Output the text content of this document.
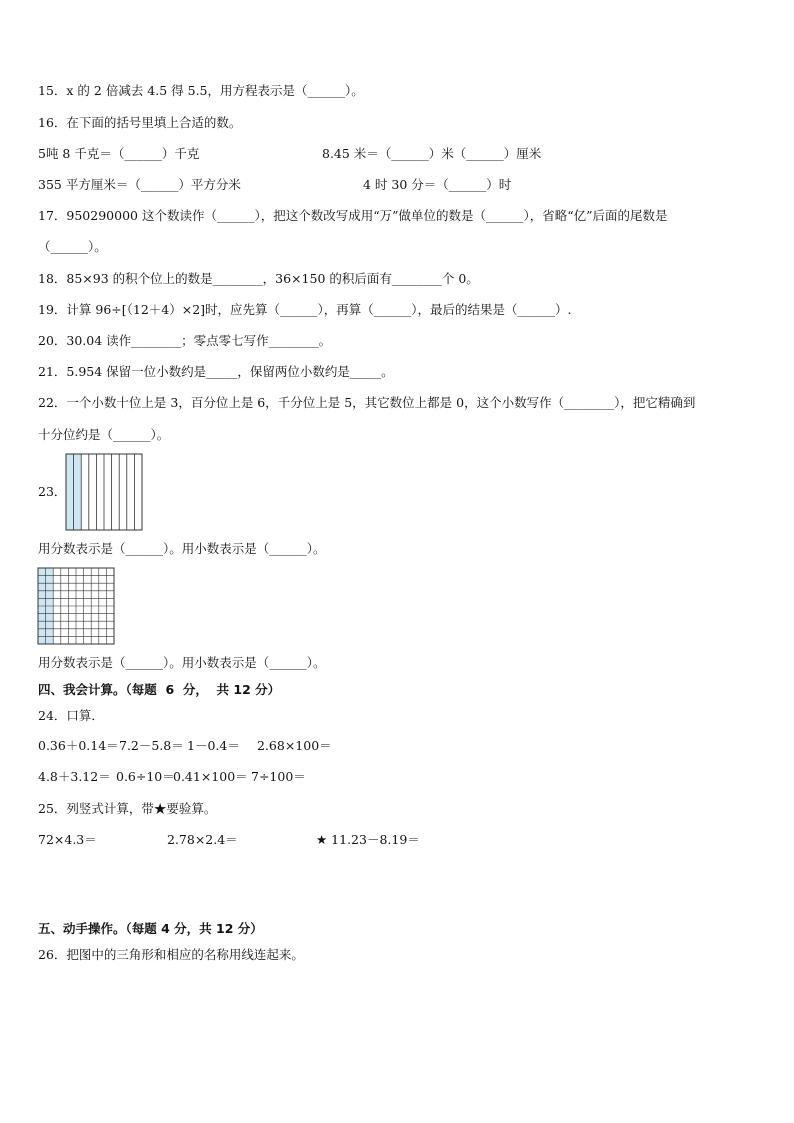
15．x 的 2 倍减去 4.5 得 5.5，用方程表示是（______）。
16．在下面的括号里填上合适的数。
5吨 8 千克＝（______）千克	8.45 米＝（______）米（______）厘米
355 平方厘米＝（______）平方分米	4 时 30 分＝（______）时
17．950290000 这个数读作（______），把这个数改写成用“万”做单位的数是（______），省略“亿”后面的尾数是
（______）。
18．85×93 的积个位上的数是________，36×150 的积后面有________个 0。
19．计算 96÷[（12＋4）×2]时，应先算（______），再算（______），最后的结果是（______）.
20．30.04 读作________；零点零七写作________。
21．5.954 保留一位小数约是_____，保留两位小数约是_____。
22．一个小数十位上是 3，百分位上是 6，千分位上是 5，其它数位上都是 0，这个小数写作（________），把它精确到
十分位约是（______）。
23．
用分数表示是（______）。用小数表示是（______）。
用分数表示是（______）。用小数表示是（______）。
四、我会计算。（每题  6  分，  共 12 分）
24．口算．
0.36＋0.14＝ 7.2－5.8＝ 1－0.4＝ 2.68×100＝
4.8＋3.12＝ 0.6÷10＝
0.41×100＝ 7÷100＝
25．列竖式计算，带★要验算。
72×4.3＝	2.78×2.4＝	★ 11.23－8.19＝
五、动手操作。（每题 4 分，共 12 分）
26．把图中的三角形和相应的名称用线连起来。
